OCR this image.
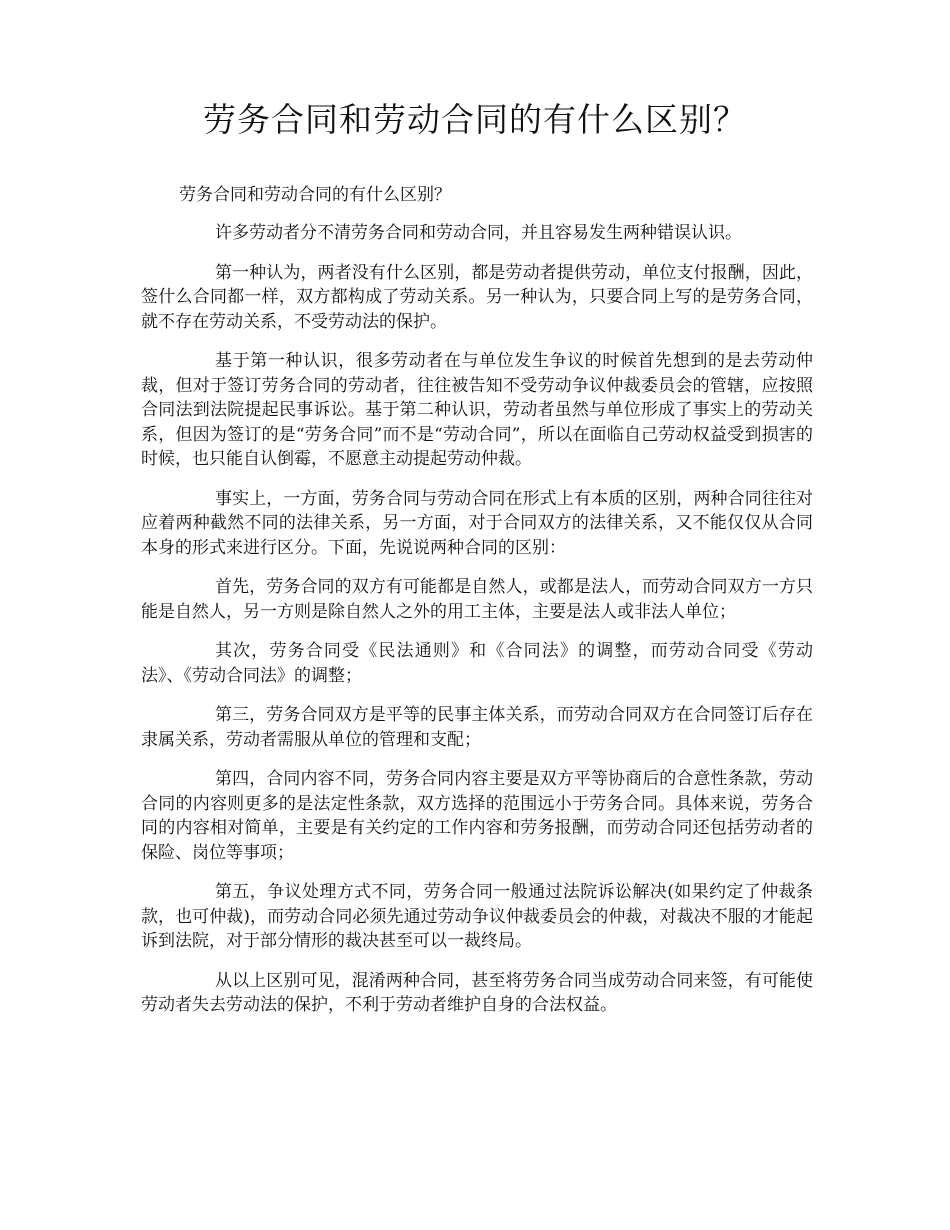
劳务合同和劳动合同的有什么区别？

劳务合同和劳动合同的有什么区别？

许多劳动者分不清劳务合同和劳动合同，并且容易发生两种错误认识。

第一种认为，两者没有什么区别，都是劳动者提供劳动，单位支付报酬，因此，签什么合同都一样，双方都构成了劳动关系。另一种认为，只要合同上写的是劳务合同，就不存在劳动关系，不受劳动法的保护。

基于第一种认识，很多劳动者在与单位发生争议的时候首先想到的是去劳动仲裁，但对于签订劳务合同的劳动者，往往被告知不受劳动争议仲裁委员会的管辖，应按照合同法到法院提起民事诉讼。基于第二种认识，劳动者虽然与单位形成了事实上的劳动关系，但因为签订的是“劳务合同”而不是“劳动合同”，所以在面临自己劳动权益受到损害的时候，也只能自认倒霉，不愿意主动提起劳动仲裁。

事实上，一方面，劳务合同与劳动合同在形式上有本质的区别，两种合同往往对应着两种截然不同的法律关系，另一方面，对于合同双方的法律关系，又不能仅仅从合同本身的形式来进行区分。下面，先说说两种合同的区别：

首先，劳务合同的双方有可能都是自然人，或都是法人，而劳动合同双方一方只能是自然人，另一方则是除自然人之外的用工主体，主要是法人或非法人单位；

其次，劳务合同受《民法通则》和《合同法》的调整，而劳动合同受《劳动法》、《劳动合同法》的调整；

第三，劳务合同双方是平等的民事主体关系，而劳动合同双方在合同签订后存在隶属关系，劳动者需服从单位的管理和支配；

第四，合同内容不同，劳务合同内容主要是双方平等协商后的合意性条款，劳动合同的内容则更多的是法定性条款，双方选择的范围远小于劳务合同。具体来说，劳务合同的内容相对简单，主要是有关约定的工作内容和劳务报酬，而劳动合同还包括劳动者的保险、岗位等事项；

第五，争议处理方式不同，劳务合同一般通过法院诉讼解决(如果约定了仲裁条款，也可仲裁)，而劳动合同必须先通过劳动争议仲裁委员会的仲裁，对裁决不服的才能起诉到法院，对于部分情形的裁决甚至可以一裁终局。

从以上区别可见，混淆两种合同，甚至将劳务合同当成劳动合同来签，有可能使劳动者失去劳动法的保护，不利于劳动者维护自身的合法权益。
